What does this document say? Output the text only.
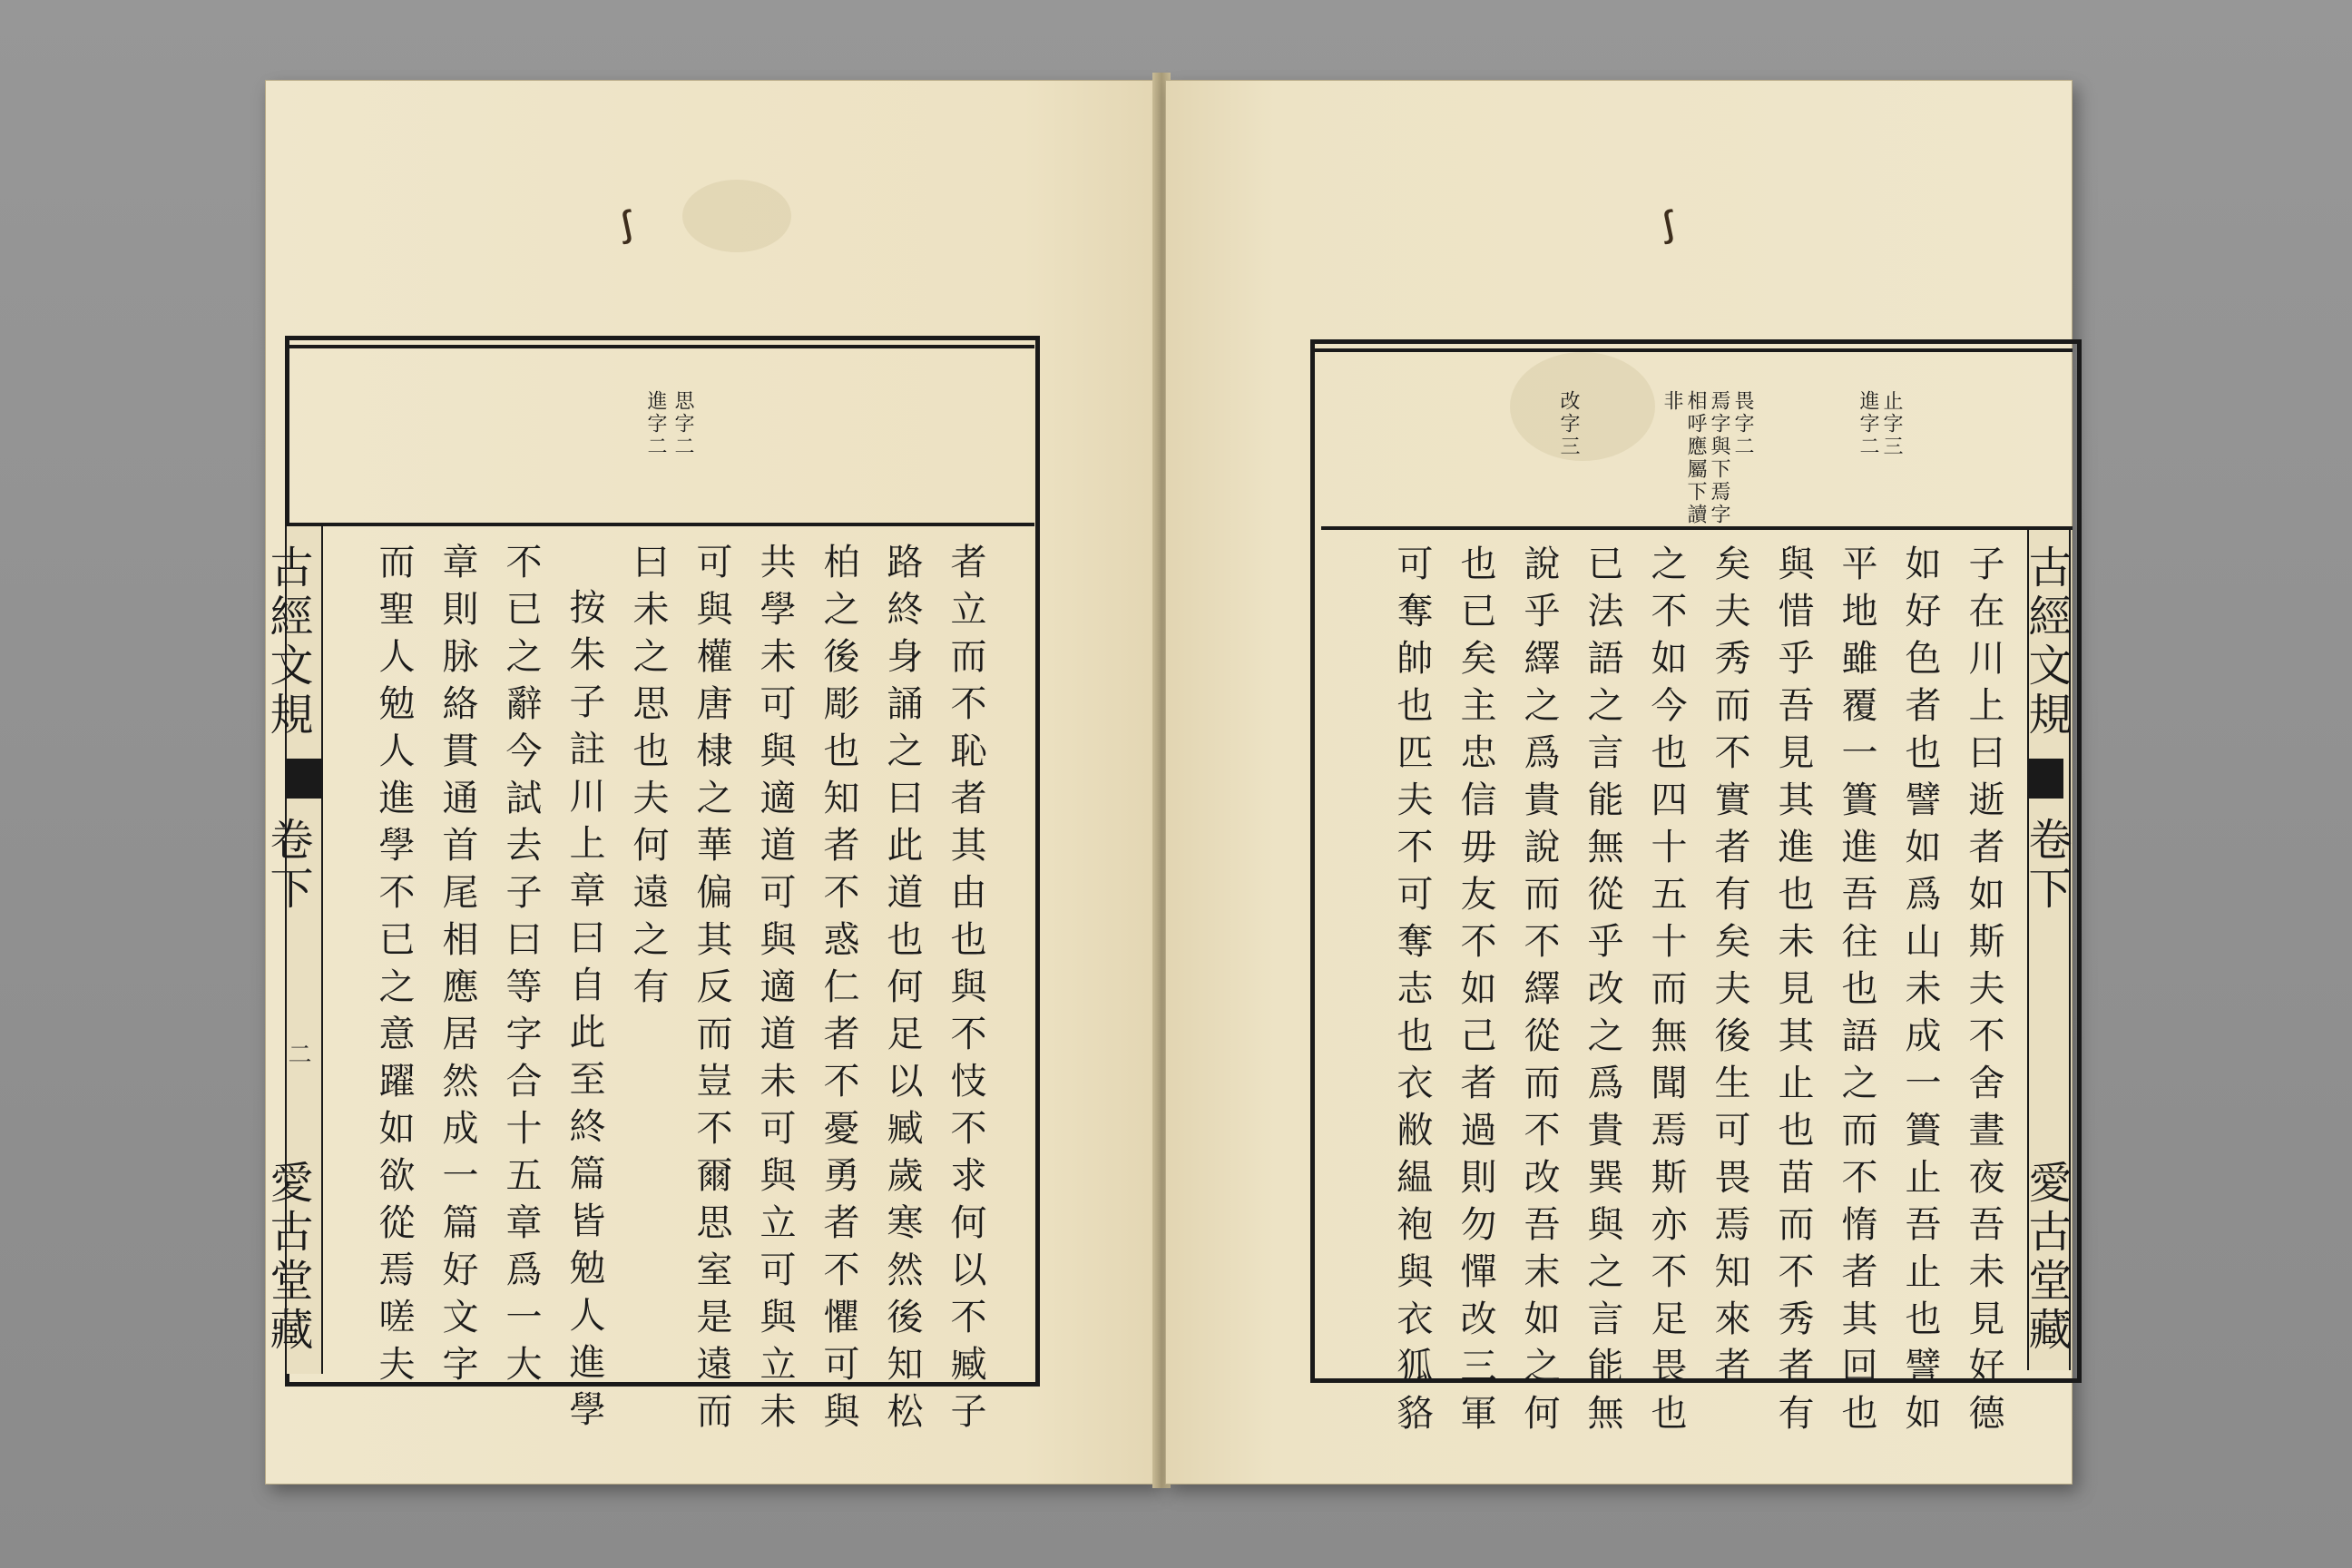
ꭍ
思字二
進字二
古經文規
卷下
二
愛古堂藏	者立而不恥者其由也與不忮不求何以不臧子
路終身誦之曰此道也何足以臧歲寒然後知松
柏之後彫也知者不惑仁者不憂勇者不懼可與
共學未可與適道可與適道未可與立可與立未
可與權唐棣之華偏其反而豈不爾思室是遠而
曰未之思也夫何遠之有
按朱子註川上章曰自此至終篇皆勉人進學
不已之辭今試去子曰等字合十五章爲一大
章則脉絡貫通首尾相應居然成一篇好文字
而聖人勉人進學不已之意躍如欲從焉嗟夫
ꭍ
止字三
進字二
畏字二
焉字與下焉字
相呼應屬下讀
非
改字三
古經文規
卷下
愛古堂藏
子在川上曰逝者如斯夫不舍晝夜吾未見好德
如好色者也譬如爲山未成一簣止吾止也譬如
平地雖覆一簣進吾往也語之而不惰者其回也
與惜乎吾見其進也未見其止也苗而不秀者有
矣夫秀而不實者有矣夫後生可畏焉知來者
之不如今也四十五十而無聞焉斯亦不足畏也
已法語之言能無從乎改之爲貴巽與之言能無
說乎繹之爲貴說而不繹從而不改吾末如之何
也已矣主忠信毋友不如己者過則勿憚改三軍
可奪帥也匹夫不可奪志也衣敝緼袍與衣狐貉
